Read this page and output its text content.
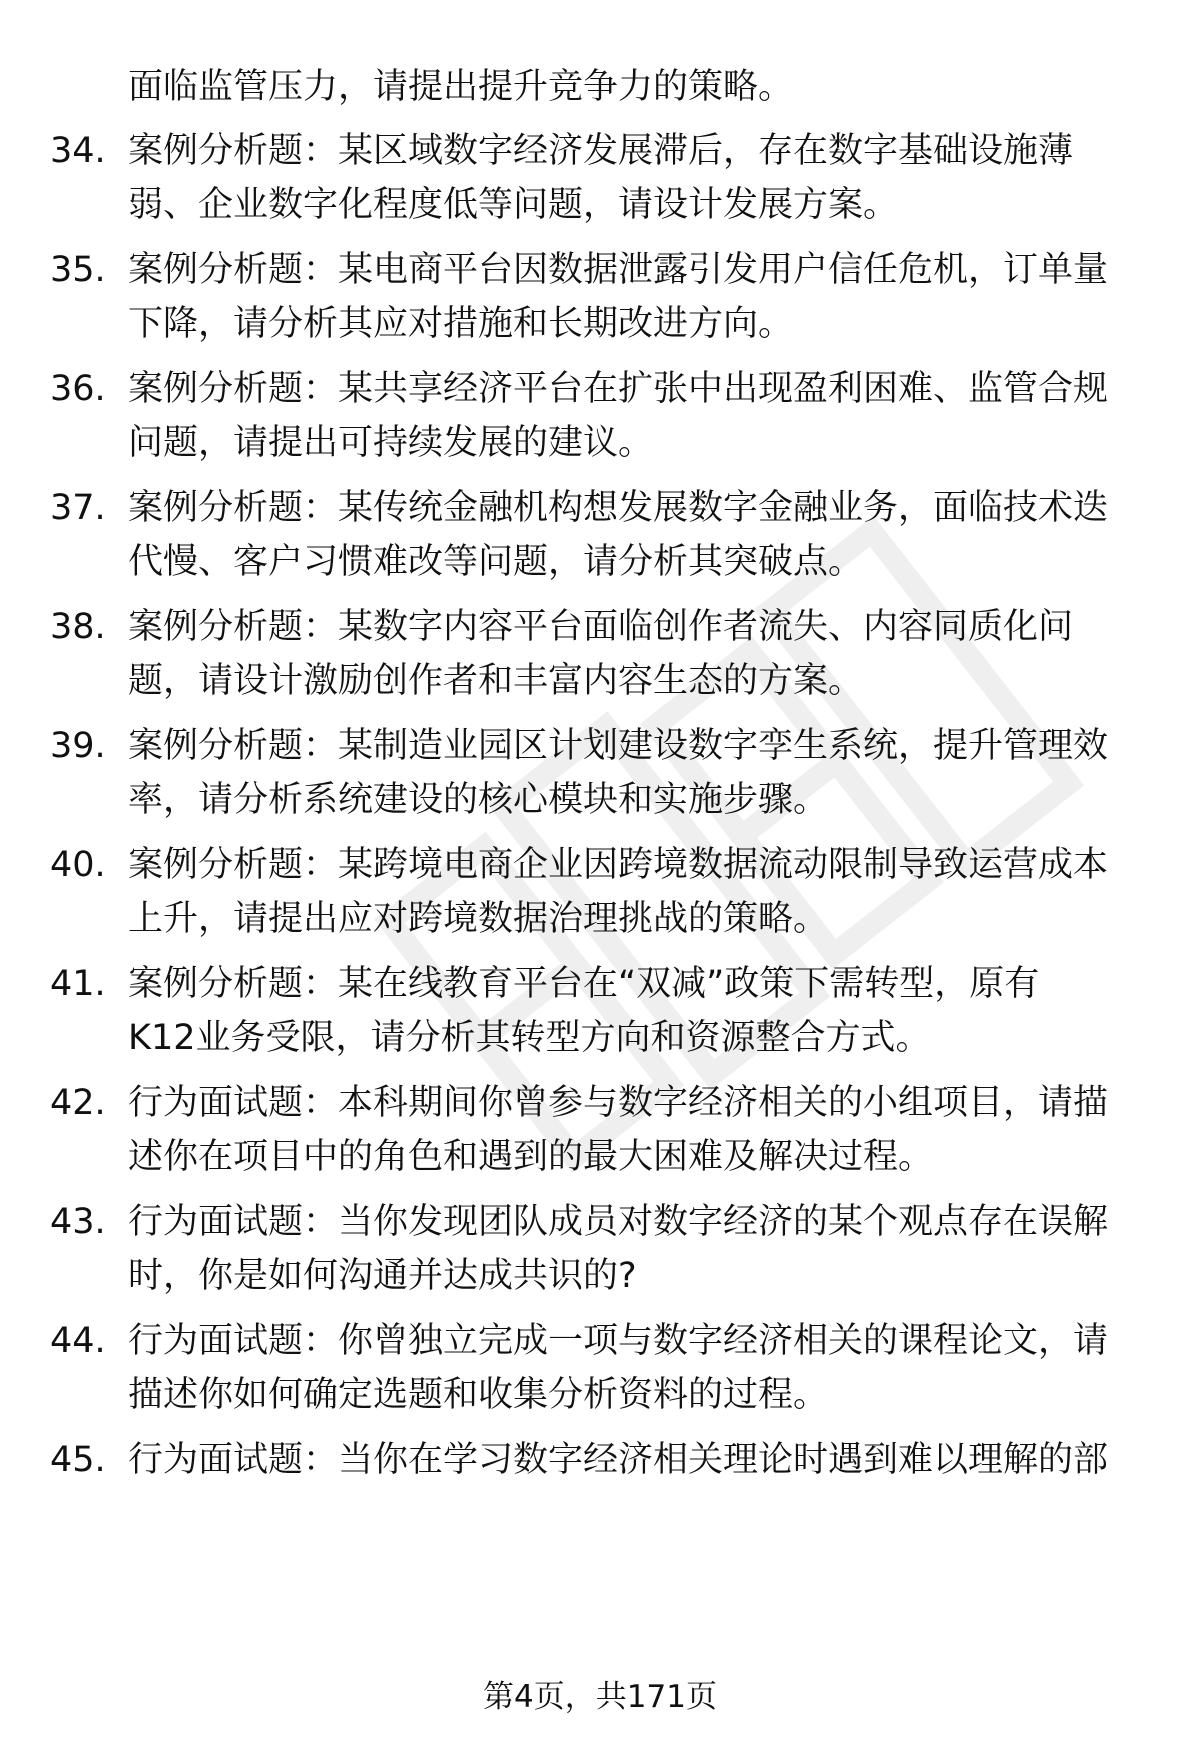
面临监管压力，请提出提升竞争力的策略。
34. 案例分析题：某区域数字经济发展滞后，存在数字基础设施薄
弱、企业数字化程度低等问题，请设计发展方案。
35. 案例分析题：某电商平台因数据泄露引发用户信任危机，订单量
下降，请分析其应对措施和长期改进方向。
36. 案例分析题：某共享经济平台在扩张中出现盈利困难、监管合规
问题，请提出可持续发展的建议。
37. 案例分析题：某传统金融机构想发展数字金融业务，面临技术迭
代慢、客户习惯难改等问题，请分析其突破点。
38. 案例分析题：某数字内容平台面临创作者流失、内容同质化问
题，请设计激励创作者和丰富内容生态的方案。
39. 案例分析题：某制造业园区计划建设数字孪生系统，提升管理效
率，请分析系统建设的核心模块和实施步骤。
40. 案例分析题：某跨境电商企业因跨境数据流动限制导致运营成本
上升，请提出应对跨境数据治理挑战的策略。
41. 案例分析题：某在线教育平台在“双减”政策下需转型，原有
K12业务受限，请分析其转型方向和资源整合方式。
42. 行为面试题：本科期间你曾参与数字经济相关的小组项目，请描
述你在项目中的角色和遇到的最大困难及解决过程。
43. 行为面试题：当你发现团队成员对数字经济的某个观点存在误解
时，你是如何沟通并达成共识的?
44. 行为面试题：你曾独立完成一项与数字经济相关的课程论文，请
描述你如何确定选题和收集分析资料的过程。
45. 行为面试题：当你在学习数字经济相关理论时遇到难以理解的部
第4页，共171页
